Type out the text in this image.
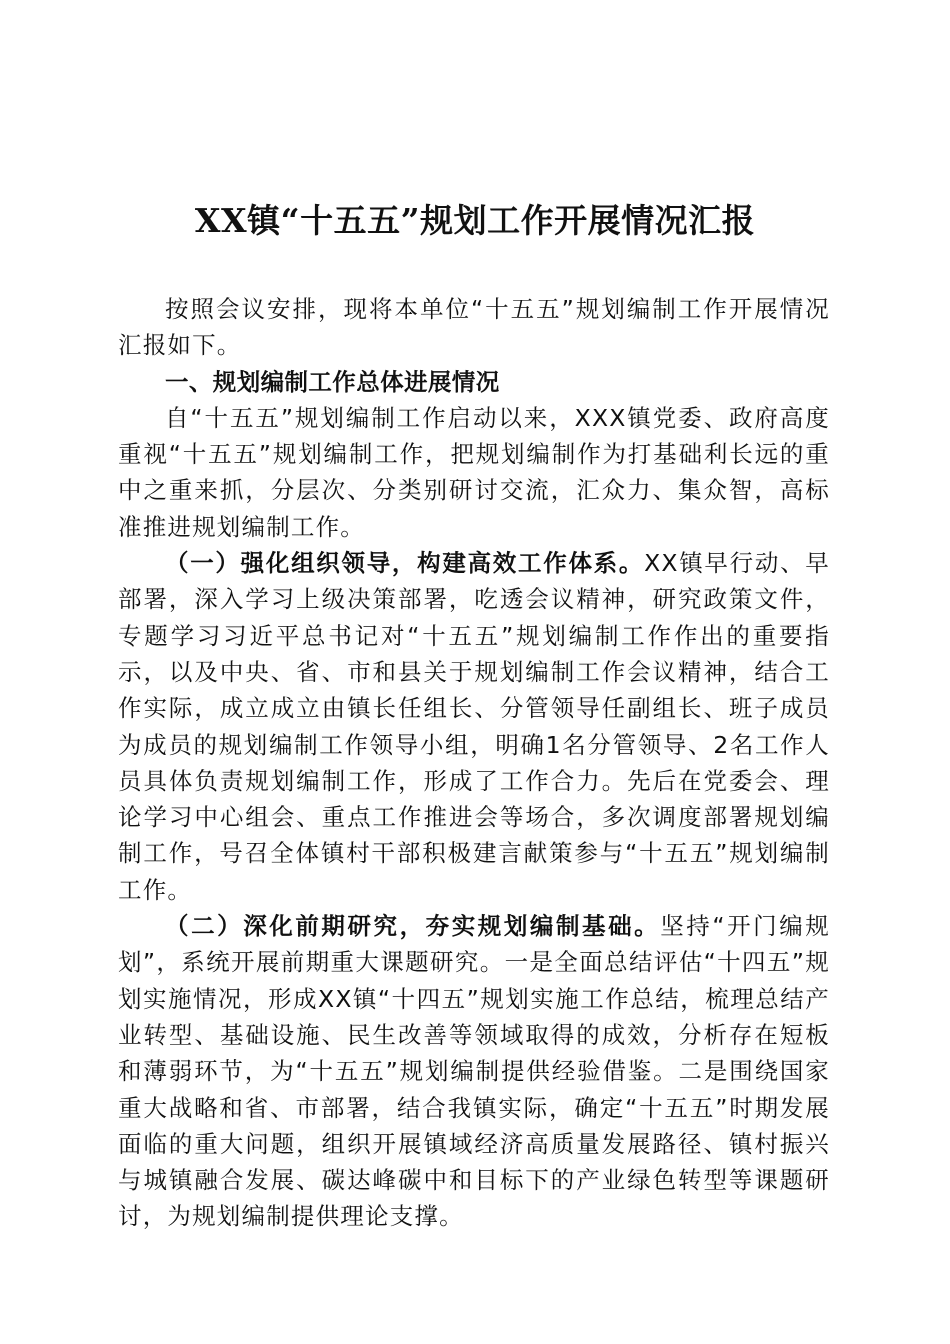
XX镇“十五五”规划工作开展情况汇报

按照会议安排，现将本单位“十五五”规划编制工作开展情况汇报如下。

一、规划编制工作总体进展情况

自“十五五”规划编制工作启动以来，XXX镇党委、政府高度重视“十五五”规划编制工作，把规划编制作为打基础利长远的重中之重来抓，分层次、分类别研讨交流，汇众力、集众智，高标准推进规划编制工作。

（一）强化组织领导，构建高效工作体系。XX镇早行动、早部署，深入学习上级决策部署，吃透会议精神，研究政策文件，专题学习习近平总书记对“十五五”规划编制工作作出的重要指示，以及中央、省、市和县关于规划编制工作会议精神，结合工作实际，成立成立由镇长任组长、分管领导任副组长、班子成员为成员的规划编制工作领导小组，明确1名分管领导、2名工作人员具体负责规划编制工作，形成了工作合力。先后在党委会、理论学习中心组会、重点工作推进会等场合，多次调度部署规划编制工作，号召全体镇村干部积极建言献策参与“十五五”规划编制工作。

（二）深化前期研究，夯实规划编制基础。坚持“开门编规划”，系统开展前期重大课题研究。一是全面总结评估“十四五”规划实施情况，形成XX镇“十四五”规划实施工作总结，梳理总结产业转型、基础设施、民生改善等领域取得的成效，分析存在短板和薄弱环节，为“十五五”规划编制提供经验借鉴。二是围绕国家重大战略和省、市部署，结合我镇实际，确定“十五五”时期发展面临的重大问题，组织开展镇域经济高质量发展路径、镇村振兴与城镇融合发展、碳达峰碳中和目标下的产业绿色转型等课题研讨，为规划编制提供理论支撑。
